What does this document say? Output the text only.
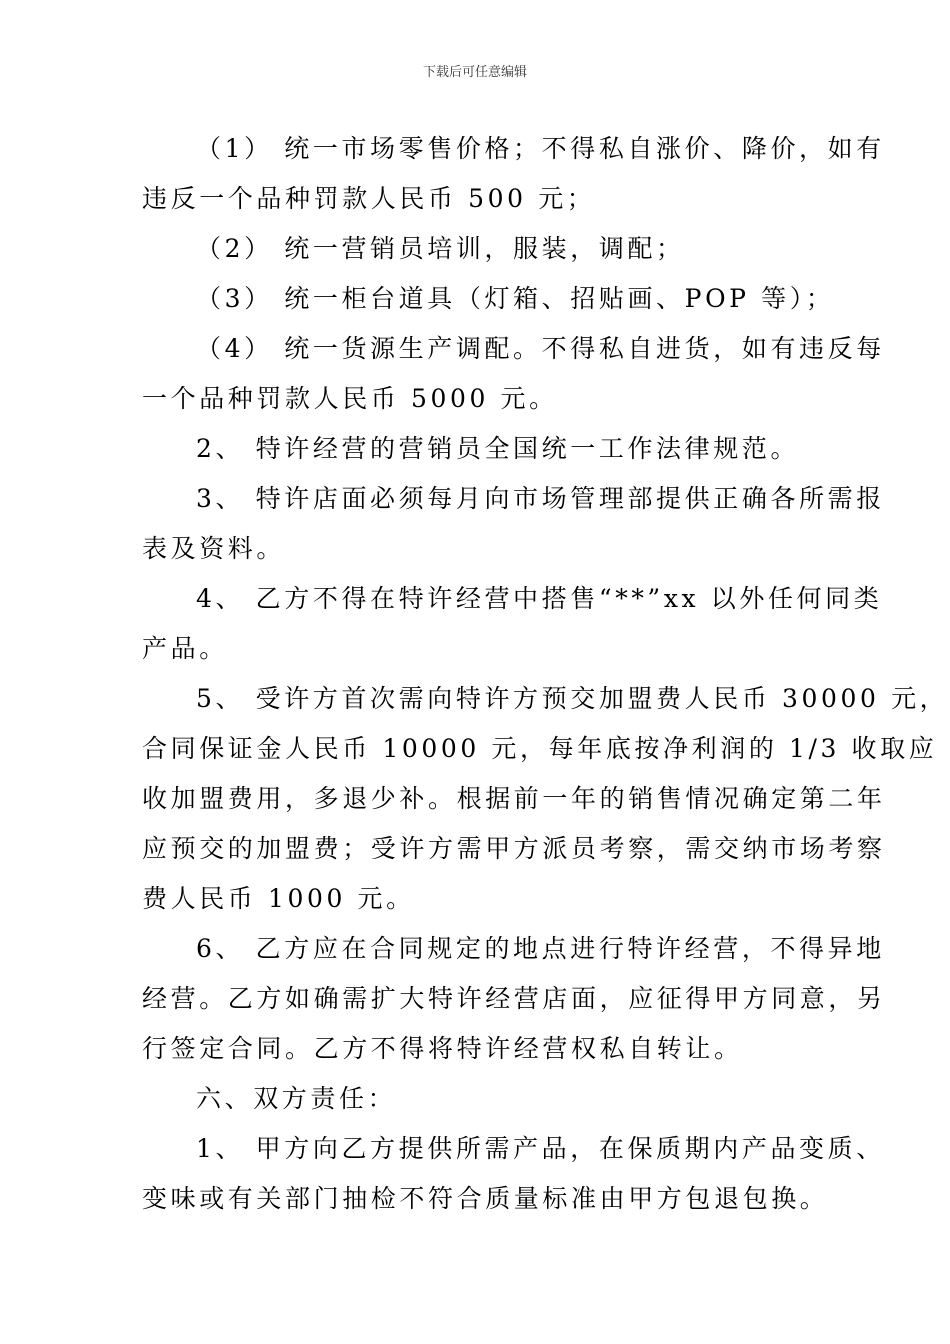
下载后可任意编辑
（1） 统一市场零售价格；不得私自涨价、降价，如有
违反一个品种罚款人民币 500 元；
（2） 统一营销员培训，服装，调配；
（3） 统一柜台道具（灯箱、招贴画、POP 等）；
（4） 统一货源生产调配。不得私自进货，如有违反每
一个品种罚款人民币 5000 元。
2、 特许经营的营销员全国统一工作法律规范。
3、 特许店面必须每月向市场管理部提供正确各所需报
表及资料。
4、 乙方不得在特许经营中搭售“**”xx 以外任何同类
产品。
5、 受许方首次需向特许方预交加盟费人民币 30000 元，
合同保证金人民币 10000 元，每年底按净利润的 1/3 收取应
收加盟费用，多退少补。根据前一年的销售情况确定第二年
应预交的加盟费；受许方需甲方派员考察，需交纳市场考察
费人民币 1000 元。
6、 乙方应在合同规定的地点进行特许经营，不得异地
经营。乙方如确需扩大特许经营店面，应征得甲方同意，另
行签定合同。乙方不得将特许经营权私自转让。
六、双方责任：
1、 甲方向乙方提供所需产品，在保质期内产品变质、
变味或有关部门抽检不符合质量标准由甲方包退包换。
